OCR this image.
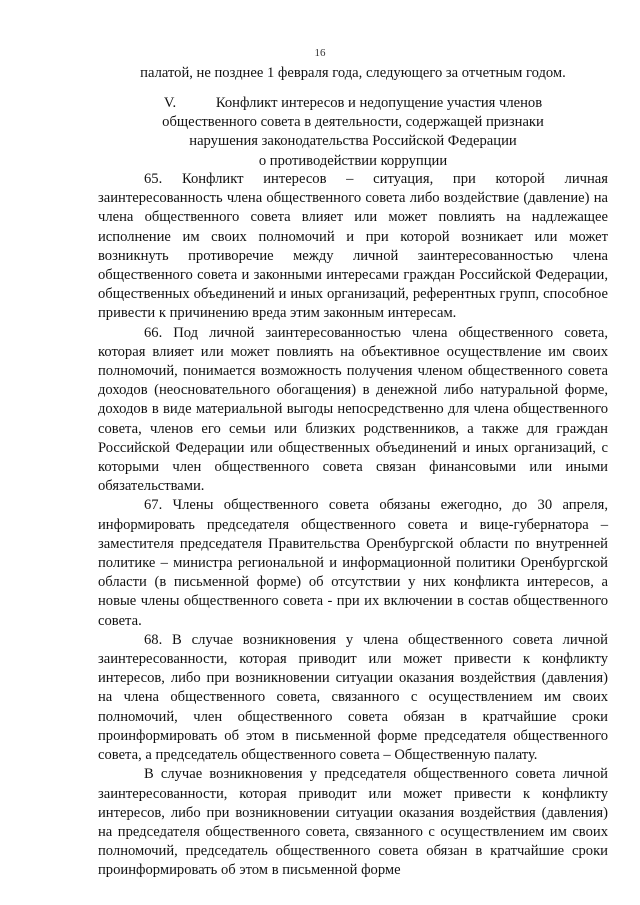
16
палатой, не позднее 1 февраля года, следующего за отчетным годом.
V.	Конфликт интересов и недопущение участия членов
общественного совета в деятельности, содержащей признаки
нарушения законодательства Российской Федерации
о противодействии коррупции

65. Конфликт интересов – ситуация, при которой личная заинтересованность члена общественного совета либо воздействие (давление) на члена общественного совета влияет или может повлиять на надлежащее исполнение им своих полномочий и при которой возникает или может возникнуть противоречие между личной заинтересованностью члена общественного совета и законными интересами граждан Российской Федерации, общественных объединений и иных организаций, референтных групп, способное привести к причинению вреда этим законным интересам.

66. Под личной заинтересованностью члена общественного совета, которая влияет или может повлиять на объективное осуществление им своих полномочий, понимается возможность получения членом общественного совета доходов (неосновательного обогащения) в денежной либо натуральной форме, доходов в виде материальной выгоды непосредственно для члена общественного совета, членов его семьи или близких родственников, а также для граждан Российской Федерации или общественных объединений и иных организаций, с которыми член общественного совета связан финансовыми или иными обязательствами.

67. Члены общественного совета обязаны ежегодно, до 30 апреля, информировать председателя общественного совета и вице-губернатора – заместителя председателя Правительства Оренбургской области по внутренней политике – министра региональной и информационной политики Оренбургской области (в письменной форме) об отсутствии у них конфликта интересов, а новые члены общественного совета - при их включении в состав общественного совета.

68. В случае возникновения у члена общественного совета личной заинтересованности, которая приводит или может привести к конфликту интересов, либо при возникновении ситуации оказания воздействия (давления) на члена общественного совета, связанного с осуществлением им своих полномочий, член общественного совета обязан в кратчайшие сроки проинформировать об этом в письменной форме председателя общественного совета, а председатель общественного совета – Общественную палату.

В случае возникновения у председателя общественного совета личной заинтересованности, которая приводит или может привести к конфликту интересов, либо при возникновении ситуации оказания воздействия (давления) на председателя общественного совета, связанного с осуществлением им своих полномочий, председатель общественного совета обязан в кратчайшие сроки проинформировать об этом в письменной форме
